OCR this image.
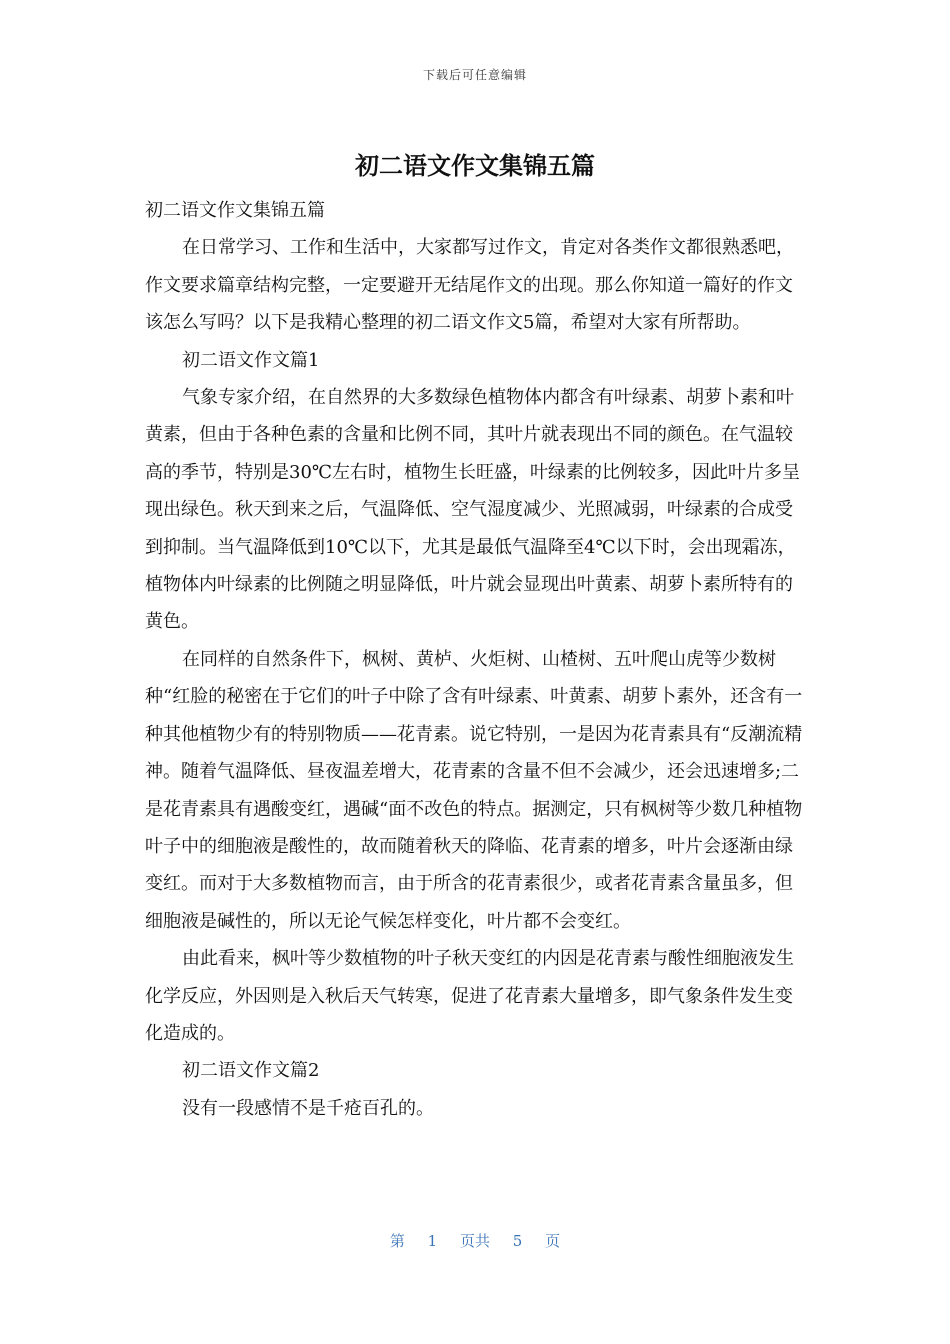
下载后可任意编辑
初二语文作文集锦五篇

初二语文作文集锦五篇

在日常学习、工作和生活中，大家都写过作文，肯定对各类作文都很熟悉吧，作文要求篇章结构完整，一定要避开无结尾作文的出现。那么你知道一篇好的作文该怎么写吗？以下是我精心整理的初二语文作文5篇，希望对大家有所帮助。

初二语文作文篇1

气象专家介绍，在自然界的大多数绿色植物体内都含有叶绿素、胡萝卜素和叶黄素，但由于各种色素的含量和比例不同，其叶片就表现出不同的颜色。在气温较高的季节，特别是30℃左右时，植物生长旺盛，叶绿素的比例较多，因此叶片多呈现出绿色。秋天到来之后，气温降低、空气湿度减少、光照减弱，叶绿素的合成受到抑制。当气温降低到10℃以下，尤其是最低气温降至4℃以下时，会出现霜冻，植物体内叶绿素的比例随之明显降低，叶片就会显现出叶黄素、胡萝卜素所特有的黄色。

在同样的自然条件下，枫树、黄栌、火炬树、山楂树、五叶爬山虎等少数树种“红脸的秘密在于它们的叶子中除了含有叶绿素、叶黄素、胡萝卜素外，还含有一种其他植物少有的特别物质——花青素。说它特别，一是因为花青素具有“反潮流精神。随着气温降低、昼夜温差增大，花青素的含量不但不会减少，还会迅速增多;二是花青素具有遇酸变红，遇碱“面不改色的特点。据测定，只有枫树等少数几种植物叶子中的细胞液是酸性的，故而随着秋天的降临、花青素的增多，叶片会逐渐由绿变红。而对于大多数植物而言，由于所含的花青素很少，或者花青素含量虽多，但细胞液是碱性的，所以无论气候怎样变化，叶片都不会变红。

由此看来，枫叶等少数植物的叶子秋天变红的内因是花青素与酸性细胞液发生化学反应，外因则是入秋后天气转寒，促进了花青素大量增多，即气象条件发生变化造成的。

初二语文作文篇2

没有一段感情不是千疮百孔的。

第 1 页共 5 页
